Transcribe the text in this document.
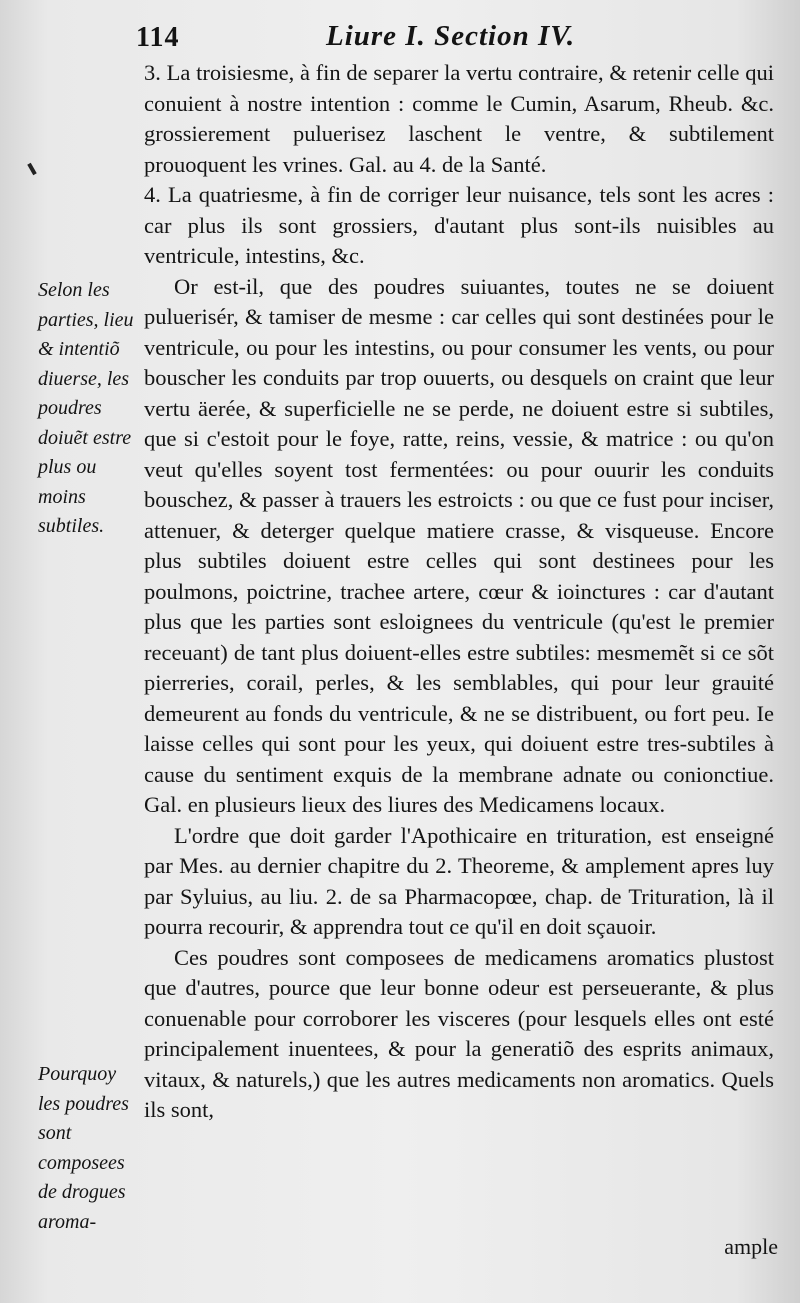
114	Liure I. Section IV.
Selon les parties, lieu & intentiõ diuerse, les poudres doiuẽt estre plus ou moins subtiles.
Pourquoy les poudres sont composees de drogues aroma-

3. La troisiesme, à fin de separer la vertu contraire, & retenir celle qui conuient à nostre intention : comme le Cumin, Asarum, Rheub. &c. grossierement puluerisez laschent le ventre, & subtilement prouoquent les vrines. Gal. au 4. de la Santé.

4. La quatriesme, à fin de corriger leur nuisance, tels sont les acres : car plus ils sont grossiers, d'autant plus sont-ils nuisibles au ventricule, intestins, &c.

Or est-il, que des poudres suiuantes, toutes ne se doiuent puluerisér, & tamiser de mesme : car celles qui sont destinées pour le ventricule, ou pour les intestins, ou pour consumer les vents, ou pour bouscher les conduits par trop ouuerts, ou desquels on craint que leur vertu äerée, & superficielle ne se perde, ne doiuent estre si subtiles, que si c'estoit pour le foye, ratte, reins, vessie, & matrice : ou qu'on veut qu'elles soyent tost fermentées: ou pour ouurir les conduits bouschez, & passer à trauers les estroicts : ou que ce fust pour inciser, attenuer, & deterger quelque matiere crasse, & visqueuse. Encore plus subtiles doiuent estre celles qui sont destinees pour les poulmons, poictrine, trachee artere, cœur & ioinctures : car d'autant plus que les parties sont esloignees du ventricule (qu'est le premier receuant) de tant plus doiuent-elles estre subtiles: mesmemẽt si ce sõt pierreries, corail, perles, & les semblables, qui pour leur grauité demeurent au fonds du ventricule, & ne se distribuent, ou fort peu. Ie laisse celles qui sont pour les yeux, qui doiuent estre tres-subtiles à cause du sentiment exquis de la membrane adnate ou conionctiue. Gal. en plusieurs lieux des liures des Medicamens locaux.

L'ordre que doit garder l'Apothicaire en trituration, est enseigné par Mes. au dernier chapitre du 2. Theoreme, & amplement apres luy par Syluius, au liu. 2. de sa Pharmacopœe, chap. de Trituration, là il pourra recourir, & apprendra tout ce qu'il en doit sçauoir.

Ces poudres sont composees de medicamens aromatics plustost que d'autres, pource que leur bonne odeur est perseuerante, & plus conuenable pour corroborer les visceres (pour lesquels elles ont esté principalement inuentees, & pour la generatiõ des esprits animaux, vitaux, & naturels,) que les autres medicaments non aromatics. Quels ils sont,

ample
